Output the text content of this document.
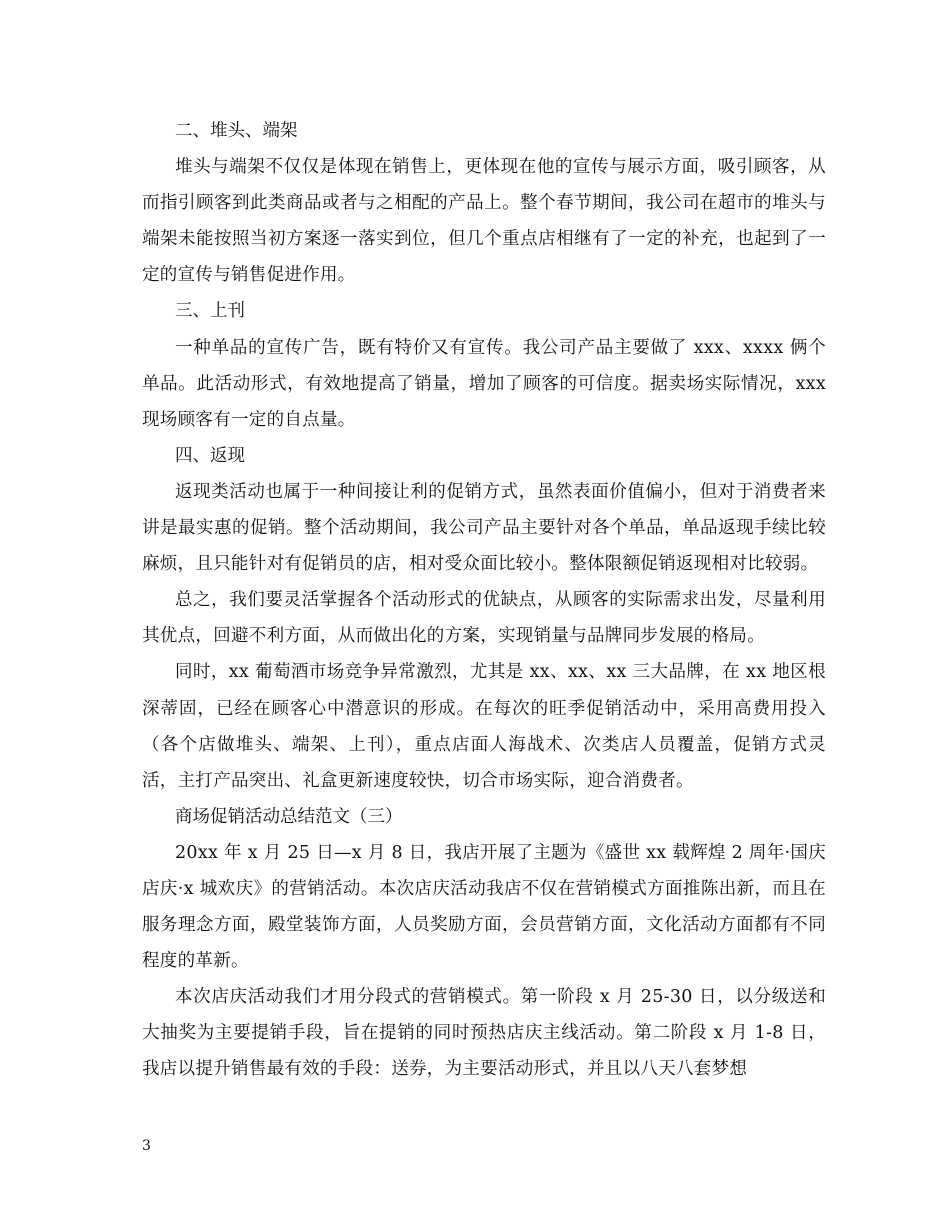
二、堆头、端架

堆头与端架不仅仅是体现在销售上，更体现在他的宣传与展示方面，吸引顾客，从而指引顾客到此类商品或者与之相配的产品上。整个春节期间，我公司在超市的堆头与端架未能按照当初方案逐一落实到位，但几个重点店相继有了一定的补充，也起到了一定的宣传与销售促进作用。

三、上刊

一种单品的宣传广告，既有特价又有宣传。我公司产品主要做了 xxx、xxxx 俩个单品。此活动形式，有效地提高了销量，增加了顾客的可信度。据卖场实际情况，xxx 现场顾客有一定的自点量。

四、返现

返现类活动也属于一种间接让利的促销方式，虽然表面价值偏小，但对于消费者来讲是最实惠的促销。整个活动期间，我公司产品主要针对各个单品，单品返现手续比较麻烦，且只能针对有促销员的店，相对受众面比较小。整体限额促销返现相对比较弱。

总之，我们要灵活掌握各个活动形式的优缺点，从顾客的实际需求出发，尽量利用其优点，回避不利方面，从而做出化的方案，实现销量与品牌同步发展的格局。

同时，xx 葡萄酒市场竞争异常激烈，尤其是 xx、xx、xx 三大品牌，在 xx 地区根深蒂固，已经在顾客心中潜意识的形成。在每次的旺季促销活动中，采用高费用投入（各个店做堆头、端架、上刊），重点店面人海战术、次类店人员覆盖，促销方式灵活，主打产品突出、礼盒更新速度较快，切合市场实际，迎合消费者。

商场促销活动总结范文（三）

20xx 年 x 月 25 日—x 月 8 日，我店开展了主题为《盛世 xx 载辉煌 2 周年·国庆店庆·x 城欢庆》的营销活动。本次店庆活动我店不仅在营销模式方面推陈出新，而且在服务理念方面，殿堂装饰方面，人员奖励方面，会员营销方面，文化活动方面都有不同程度的革新。

本次店庆活动我们才用分段式的营销模式。第一阶段 x 月 25-30 日，以分级送和大抽奖为主要提销手段，旨在提销的同时预热店庆主线活动。第二阶段 x 月 1-8 日，我店以提升销售最有效的手段：送券，为主要活动形式，并且以八天八套梦想

3
